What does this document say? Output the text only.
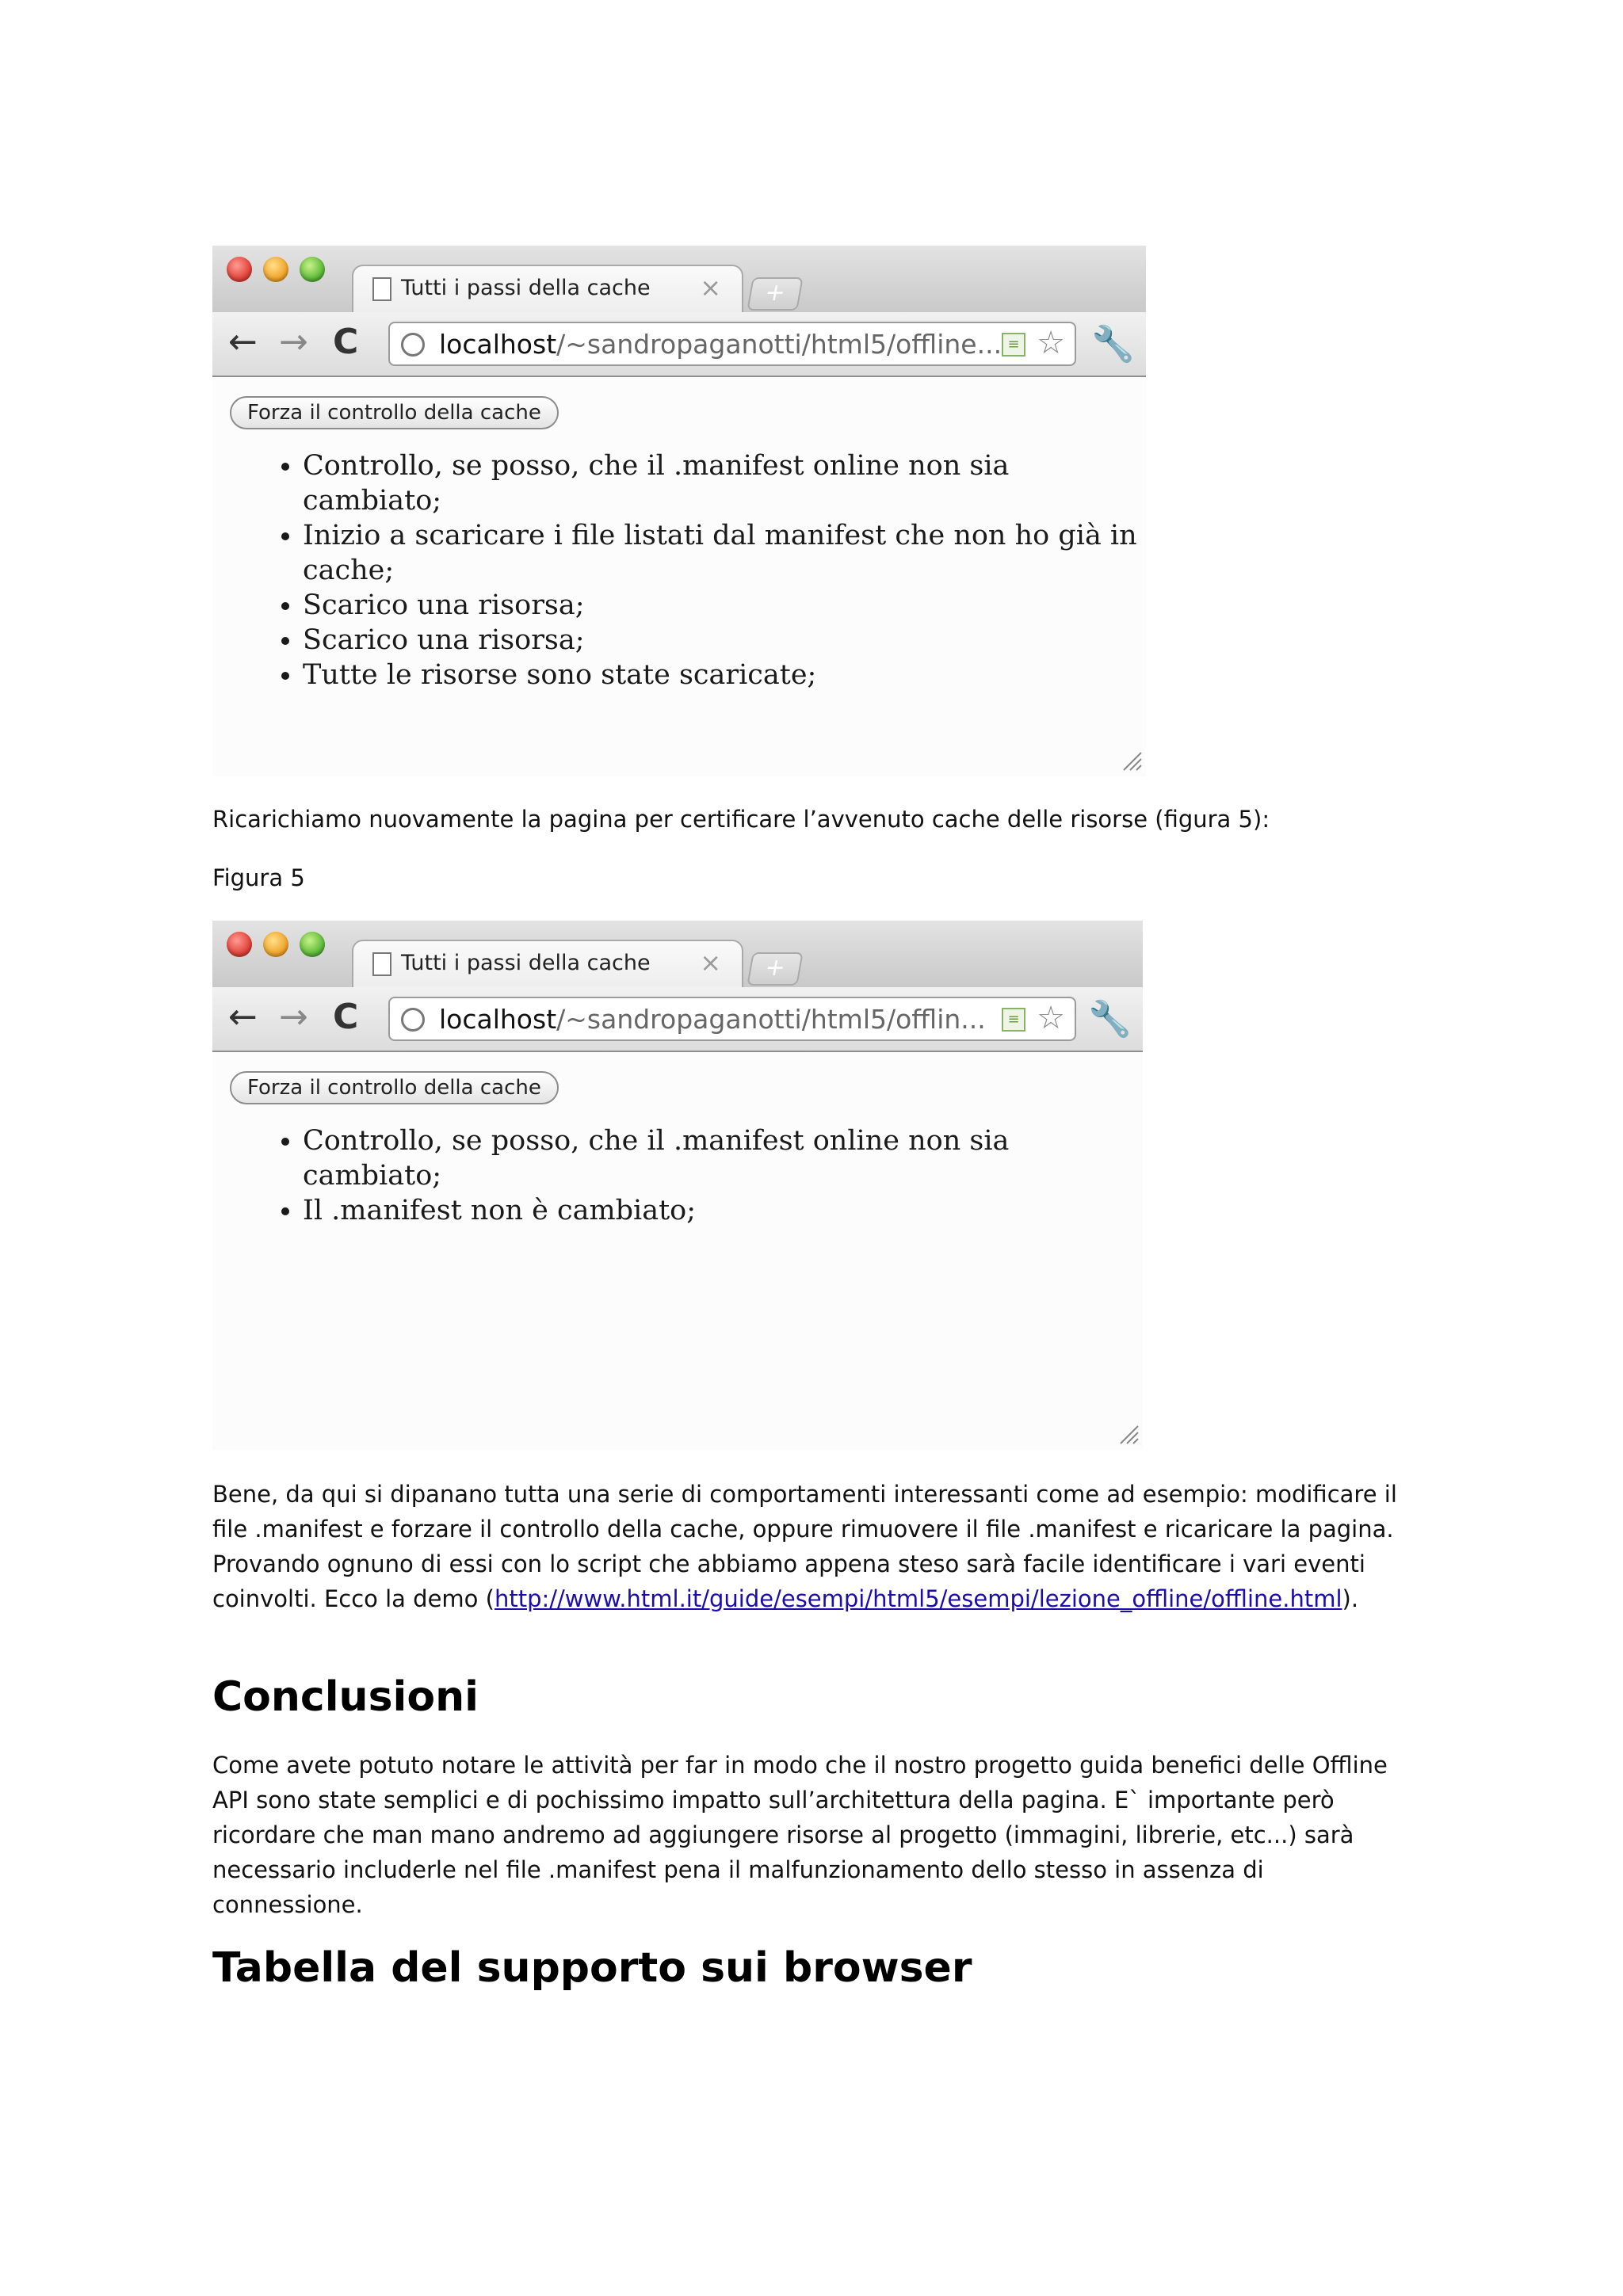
Tutti i passi della cache ×	+
← → C	localhost/~sandropaganotti/html5/offline... ≡ ☆ 🔧
Forza il controllo della cache
• Controllo, se posso, che il .manifest online non sia cambiato;
• Inizio a scaricare i file listati dal manifest che non ho già in cache;
• Scarico una risorsa;
• Scarico una risorsa;
• Tutte le risorse sono state scaricate;

Ricarichiamo nuovamente la pagina per certificare l’avvenuto cache delle risorse (figura 5):

Figura 5

Tutti i passi della cache ×	+
← → C	localhost/~sandropaganotti/html5/offlin...	≡ ☆ 🔧
Forza il controllo della cache
• Controllo, se posso, che il .manifest online non sia cambiato;
• Il .manifest non è cambiato;

Bene, da qui si dipanano tutta una serie di comportamenti interessanti come ad esempio: modificare il file .manifest e forzare il controllo della cache, oppure rimuovere il file .manifest e ricaricare la pagina. Provando ognuno di essi con lo script che abbiamo appena steso sarà facile identificare i vari eventi coinvolti. Ecco la demo (http://www.html.it/guide/esempi/html5/esempi/lezione_offline/offline.html).

Conclusioni

Come avete potuto notare le attività per far in modo che il nostro progetto guida benefici delle Offline API sono state semplici e di pochissimo impatto sull’architettura della pagina. E` importante però ricordare che man mano andremo ad aggiungere risorse al progetto (immagini, librerie, etc...) sarà necessario includerle nel file .manifest pena il malfunzionamento dello stesso in assenza di connessione.

Tabella del supporto sui browser
